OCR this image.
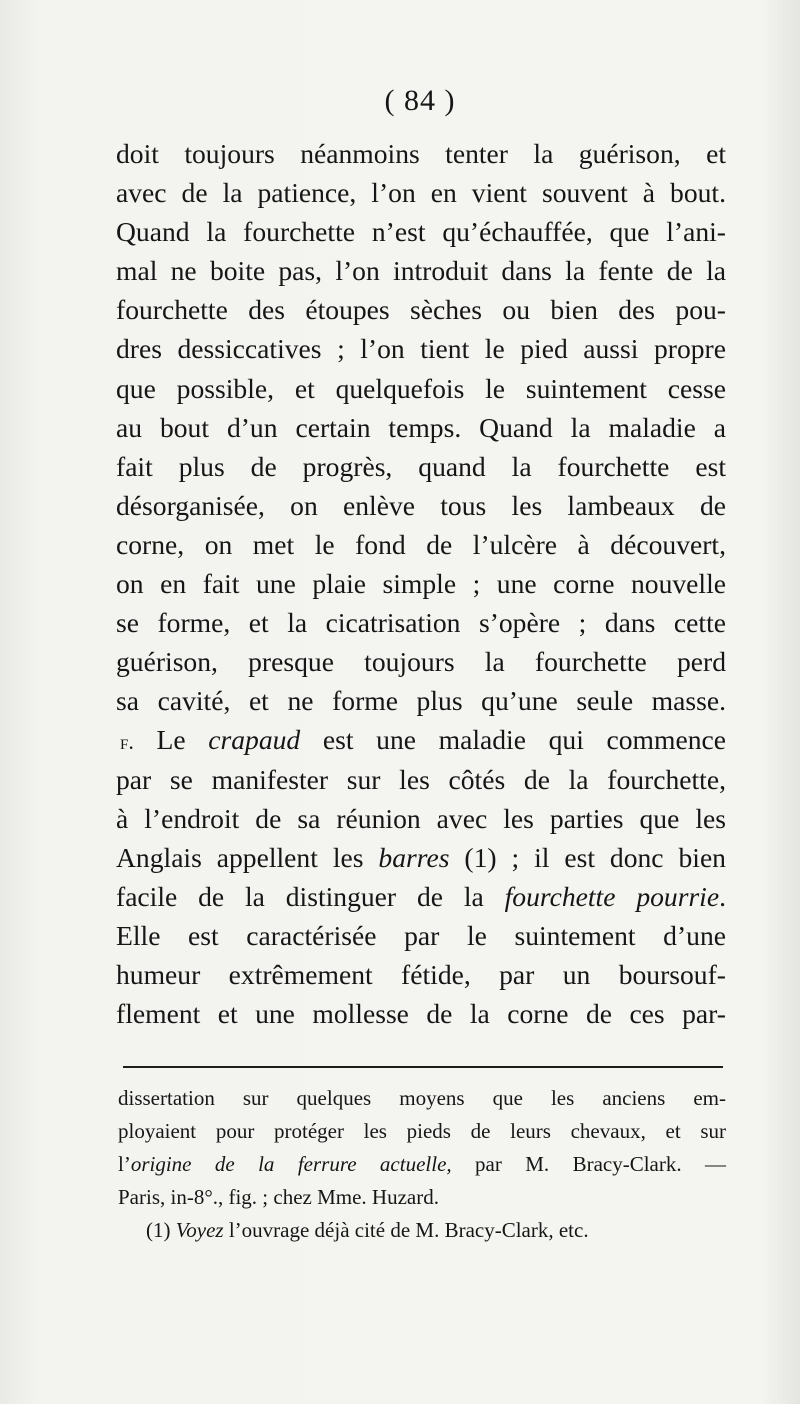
( 84 )
doit toujours néanmoins tenter la guérison, et
avec de la patience, l’on en vient souvent à bout.
Quand la fourchette n’est qu’échauffée, que l’ani-
mal ne boite pas, l’on introduit dans la fente de la
fourchette des étoupes sèches ou bien des pou-
dres dessiccatives ; l’on tient le pied aussi propre
que possible, et quelquefois le suintement cesse
au bout d’un certain temps. Quand la maladie a
fait plus de progrès, quand la fourchette est
désorganisée, on enlève tous les lambeaux de
corne, on met le fond de l’ulcère à découvert,
on en fait une plaie simple ; une corne nouvelle
se forme, et la cicatrisation s’opère ; dans cette
guérison, presque toujours la fourchette perd
sa cavité, et ne forme plus qu’une seule masse.
f. Le crapaud est une maladie qui commence
par se manifester sur les côtés de la fourchette,
à l’endroit de sa réunion avec les parties que les
Anglais appellent les barres (1) ; il est donc bien
facile de la distinguer de la fourchette pourrie.
Elle est caractérisée par le suintement d’une
humeur extrêmement fétide, par un boursouf-
flement et une mollesse de la corne de ces par-
dissertation sur quelques moyens que les anciens em-
ployaient pour protéger les pieds de leurs chevaux, et sur
l’origine de la ferrure actuelle, par M. Bracy-Clark. —
Paris, in-8°., fig. ; chez Mme. Huzard.
(1) Voyez l’ouvrage déjà cité de M. Bracy-Clark, etc.
